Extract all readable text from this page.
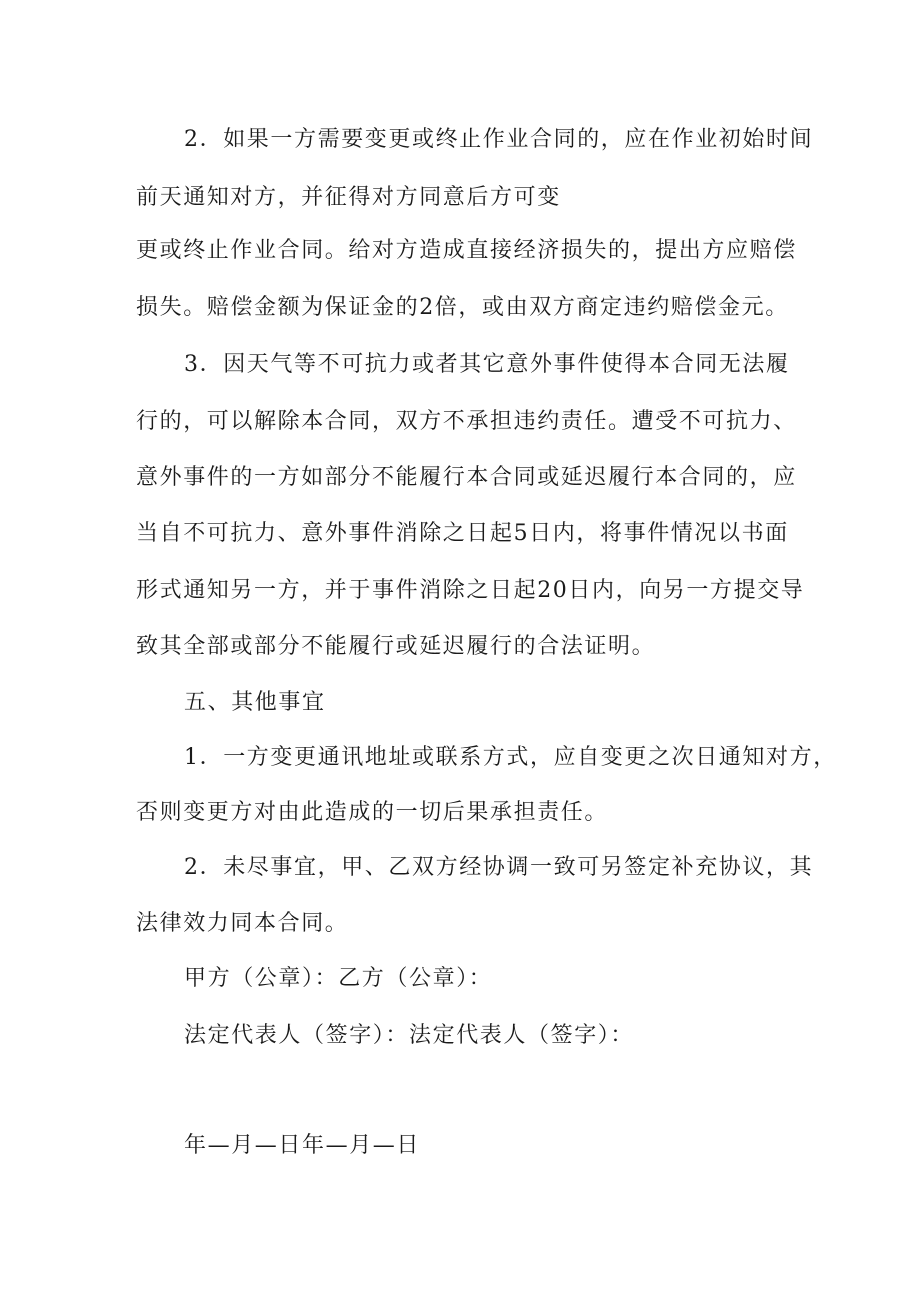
2．如果一方需要变更或终止作业合同的，应在作业初始时间
前天通知对方，并征得对方同意后方可变
更或终止作业合同。给对方造成直接经济损失的，提出方应赔偿
损失。赔偿金额为保证金的2倍，或由双方商定违约赔偿金元。
3．因天气等不可抗力或者其它意外事件使得本合同无法履
行的，可以解除本合同，双方不承担违约责任。遭受不可抗力、
意外事件的一方如部分不能履行本合同或延迟履行本合同的，应
当自不可抗力、意外事件消除之日起5日内，将事件情况以书面
形式通知另一方，并于事件消除之日起20日内，向另一方提交导
致其全部或部分不能履行或延迟履行的合法证明。
五、其他事宜
1．一方变更通讯地址或联系方式，应自变更之次日通知对方，
否则变更方对由此造成的一切后果承担责任。
2．未尽事宜，甲、乙双方经协调一致可另签定补充协议，其
法律效力同本合同。
甲方（公章）：乙方（公章）：
法定代表人（签字）：法定代表人（签字）：
年—月—日年—月—日
